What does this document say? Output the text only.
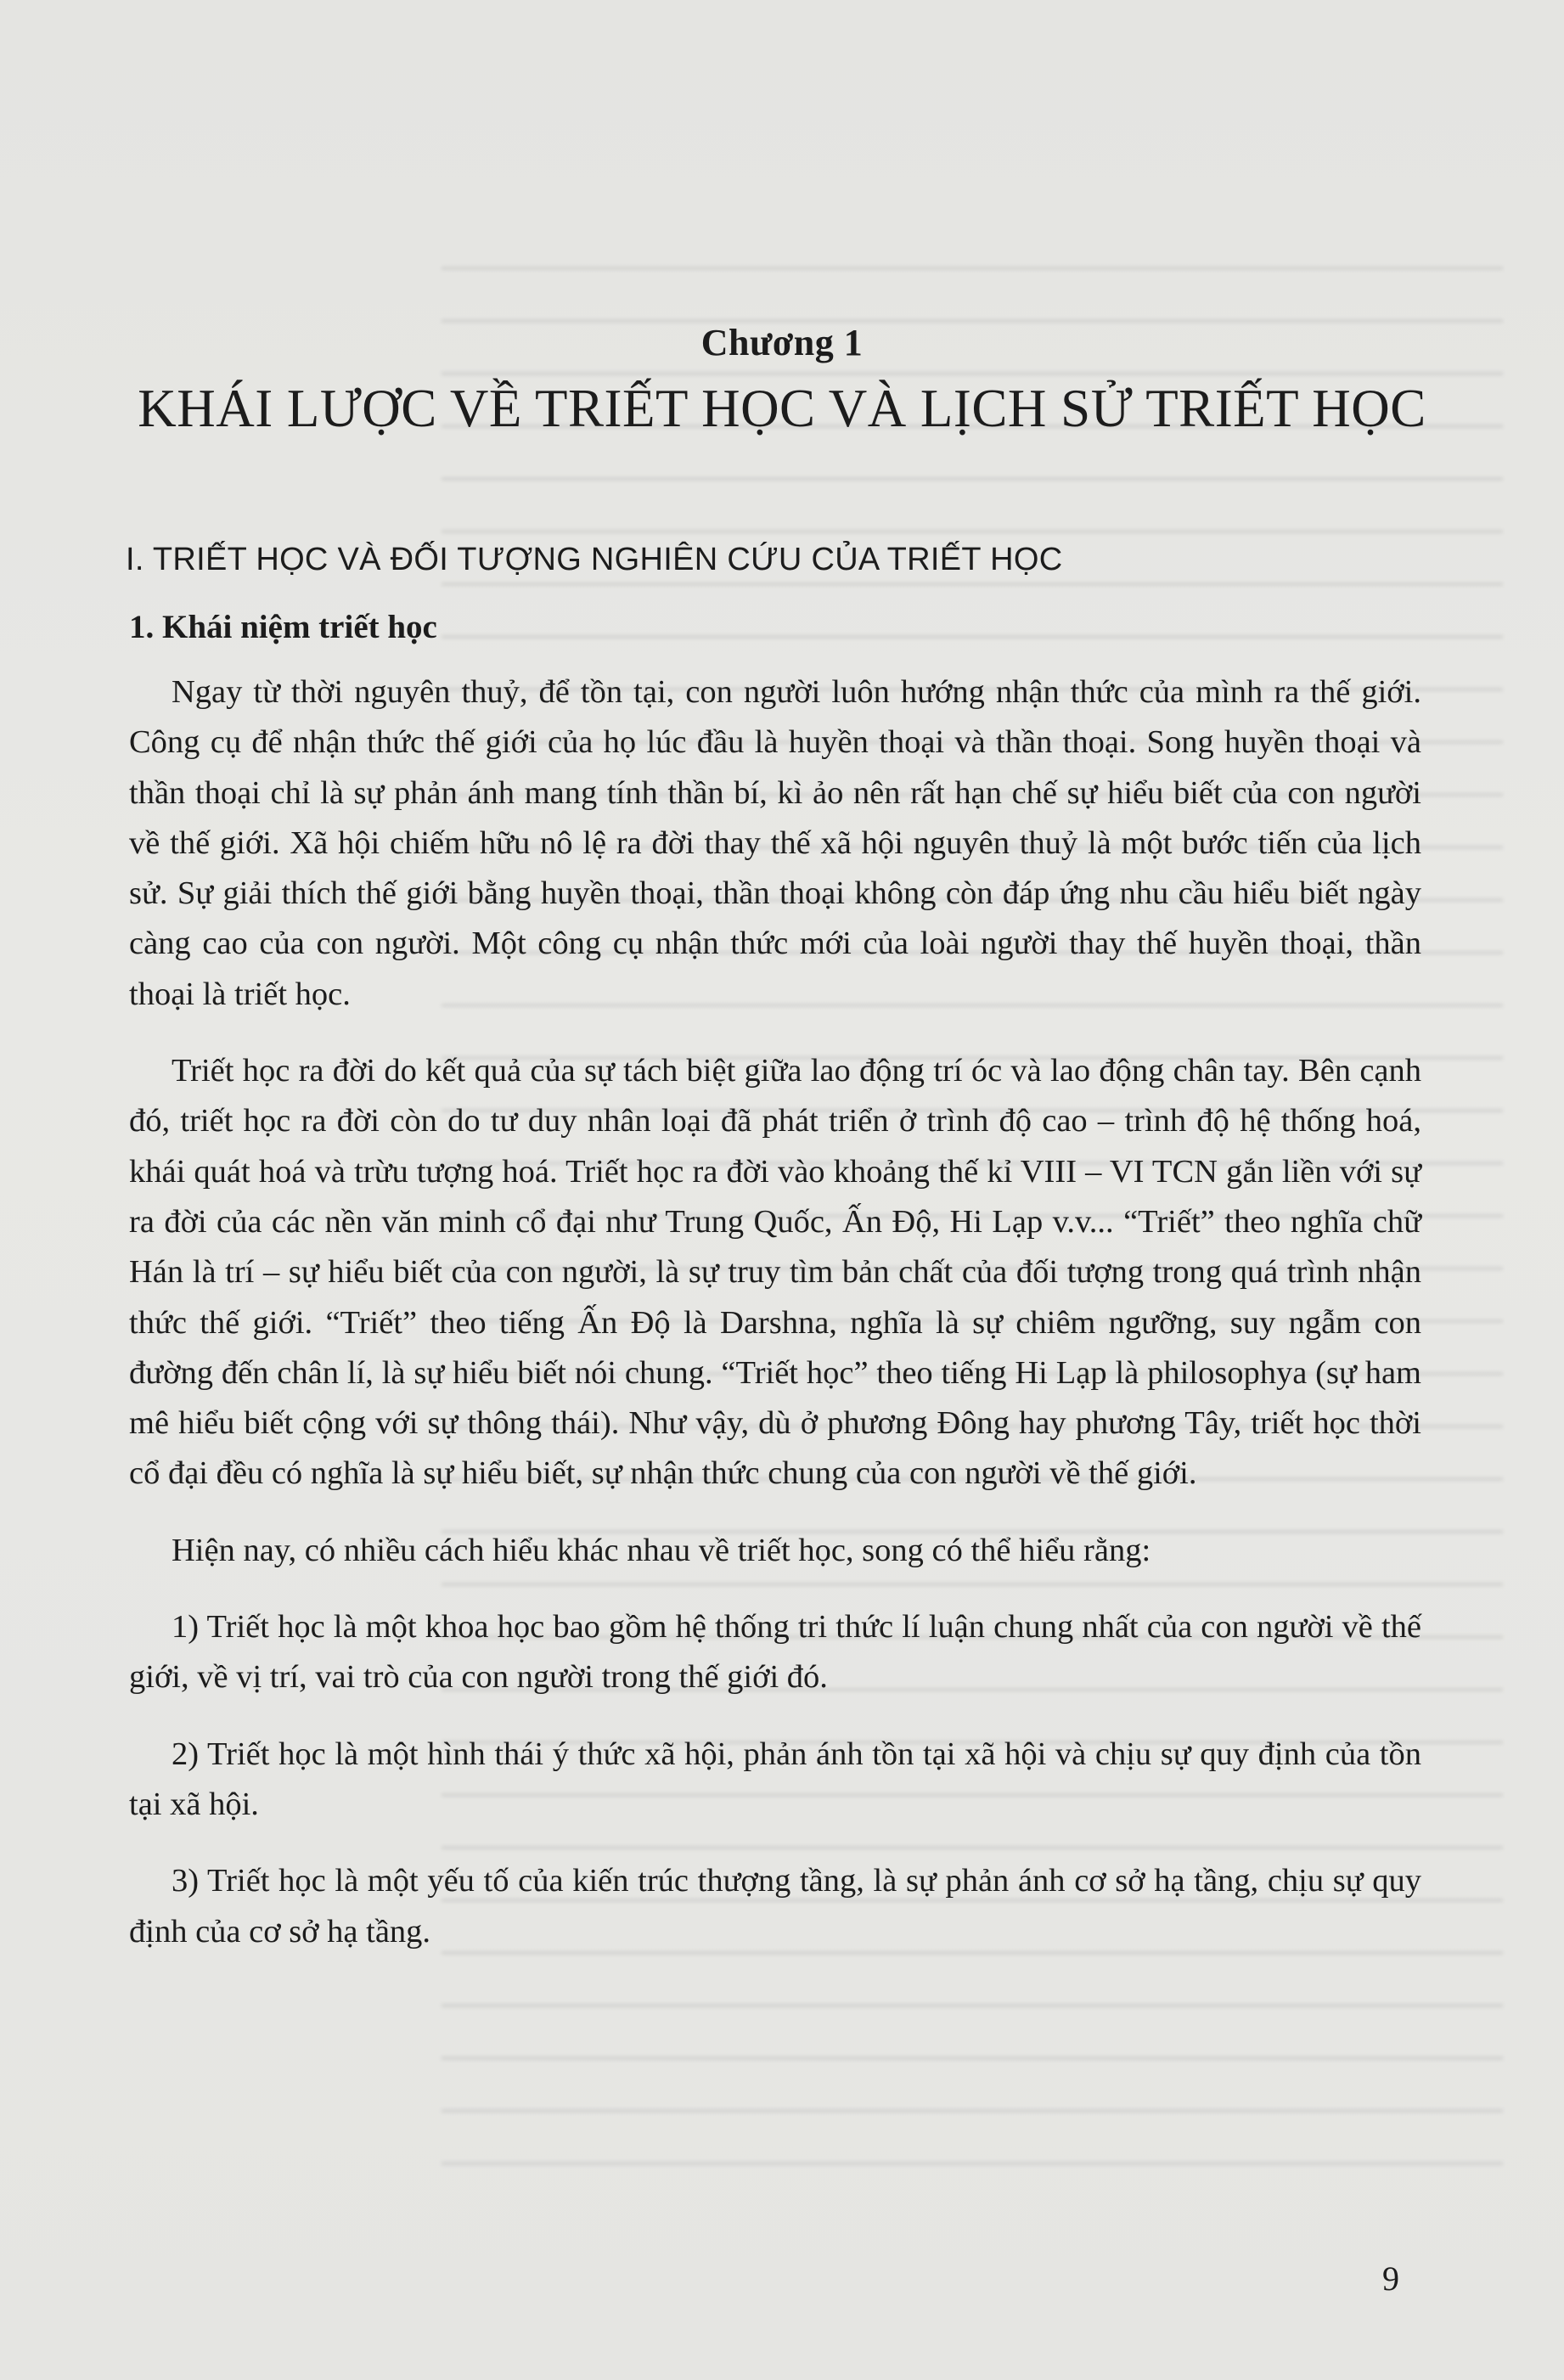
Chương 1
KHÁI LƯỢC VỀ TRIẾT HỌC VÀ LỊCH SỬ TRIẾT HỌC
I. TRIẾT HỌC VÀ ĐỐI TƯỢNG NGHIÊN CỨU CỦA TRIẾT HỌC
1. Khái niệm triết học

Ngay từ thời nguyên thuỷ, để tồn tại, con người luôn hướng nhận thức của mình ra thế giới. Công cụ để nhận thức thế giới của họ lúc đầu là huyền thoại và thần thoại. Song huyền thoại và thần thoại chỉ là sự phản ánh mang tính thần bí, kì ảo nên rất hạn chế sự hiểu biết của con người về thế giới. Xã hội chiếm hữu nô lệ ra đời thay thế xã hội nguyên thuỷ là một bước tiến của lịch sử. Sự giải thích thế giới bằng huyền thoại, thần thoại không còn đáp ứng nhu cầu hiểu biết ngày càng cao của con người. Một công cụ nhận thức mới của loài người thay thế huyền thoại, thần thoại là triết học.

Triết học ra đời do kết quả của sự tách biệt giữa lao động trí óc và lao động chân tay. Bên cạnh đó, triết học ra đời còn do tư duy nhân loại đã phát triển ở trình độ cao – trình độ hệ thống hoá, khái quát hoá và trừu tượng hoá. Triết học ra đời vào khoảng thế kỉ VIII – VI TCN gắn liền với sự ra đời của các nền văn minh cổ đại như Trung Quốc, Ấn Độ, Hi Lạp v.v... “Triết” theo nghĩa chữ Hán là trí – sự hiểu biết của con người, là sự truy tìm bản chất của đối tượng trong quá trình nhận thức thế giới. “Triết” theo tiếng Ấn Độ là Darshna, nghĩa là sự chiêm ngưỡng, suy ngẫm con đường đến chân lí, là sự hiểu biết nói chung. “Triết học” theo tiếng Hi Lạp là philosophya (sự ham mê hiểu biết cộng với sự thông thái). Như vậy, dù ở phương Đông hay phương Tây, triết học thời cổ đại đều có nghĩa là sự hiểu biết, sự nhận thức chung của con người về thế giới.

Hiện nay, có nhiều cách hiểu khác nhau về triết học, song có thể hiểu rằng:

1) Triết học là một khoa học bao gồm hệ thống tri thức lí luận chung nhất của con người về thế giới, về vị trí, vai trò của con người trong thế giới đó.

2) Triết học là một hình thái ý thức xã hội, phản ánh tồn tại xã hội và chịu sự quy định của tồn tại xã hội.

3) Triết học là một yếu tố của kiến trúc thượng tầng, là sự phản ánh cơ sở hạ tầng, chịu sự quy định của cơ sở hạ tầng.

9
